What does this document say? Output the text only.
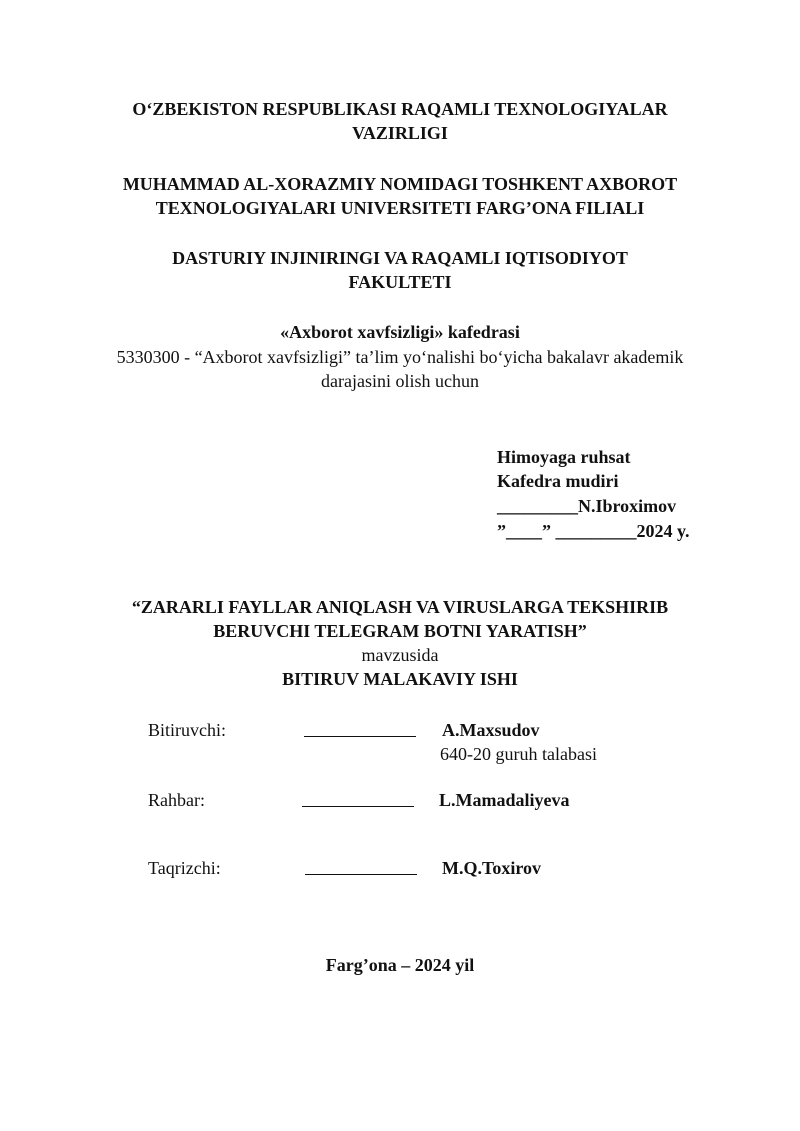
O‘ZBEKISTON RESPUBLIKASI RAQAMLI TEXNOLOGIYALAR
VAZIRLIGI
MUHAMMAD AL-XORAZMIY NOMIDAGI TOSHKENT AXBOROT
TEXNOLOGIYALARI UNIVERSITETI FARG’ONA FILIALI
DASTURIY INJINIRINGI VA RAQAMLI IQTISODIYOT
FAKULTETI
«Axborot xavfsizligi» kafedrasi
5330300 - “Axborot xavfsizligi” ta’lim yo‘nalishi bo‘yicha bakalavr akademik
darajasini olish uchun
Himoyaga ruhsat
Kafedra mudiri
_________N.Ibroximov
”____” _________2024 y.
“ZARARLI FAYLLAR ANIQLASH VA VIRUSLARGA TEKSHIRIB
BERUVCHI TELEGRAM BOTNI YARATISH”
mavzusida
BITIRUV MALAKAVIY ISHI
Bitiruvchi:	A.Maxsudov
640-20 guruh talabasi
Rahbar:	L.Mamadaliyeva
Taqrizchi:	M.Q.Toxirov
Farg’ona – 2024 yil
